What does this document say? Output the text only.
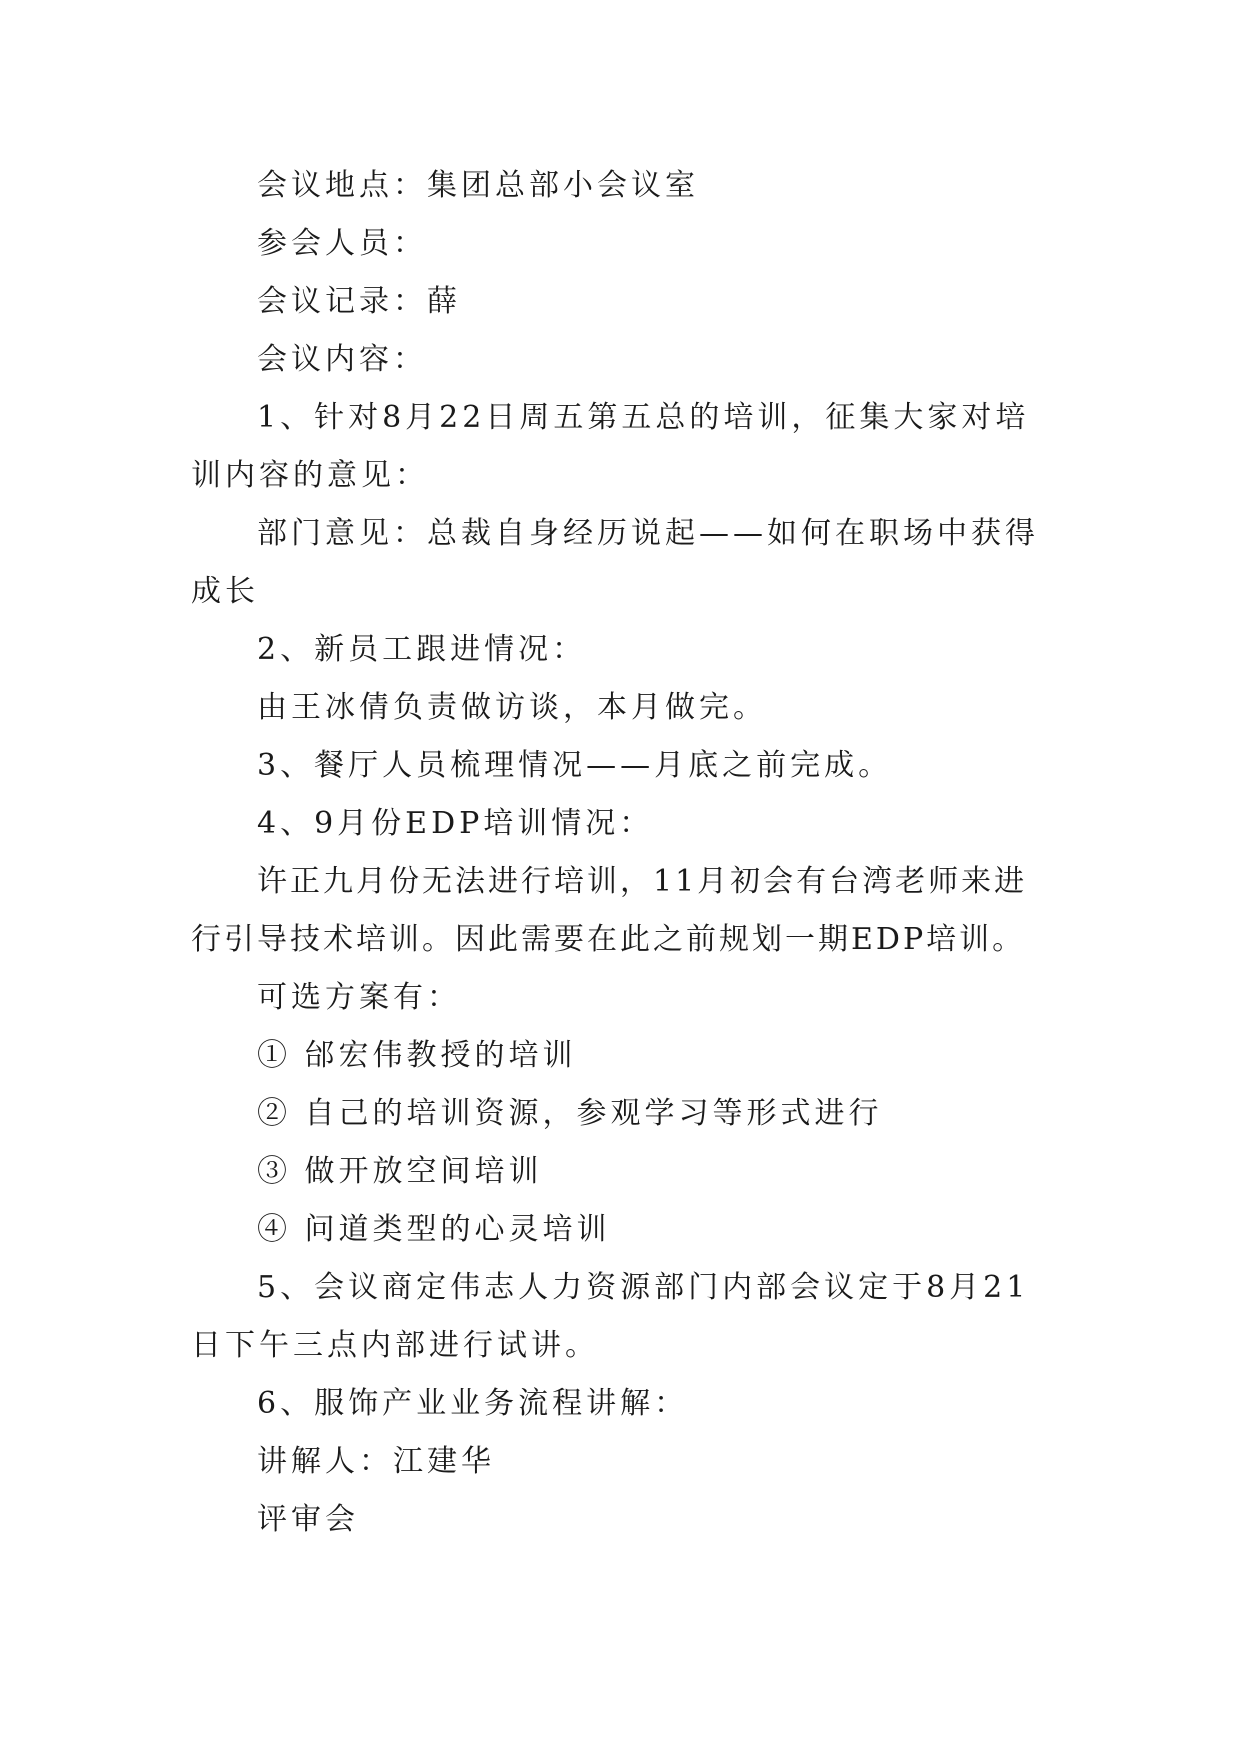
会议地点：集团总部小会议室

参会人员：

会议记录：薛

会议内容：

1、针对8月22日周五第五总的培训，征集大家对培训内容的意见：

部门意见：总裁自身经历说起——如何在职场中获得成长

2、新员工跟进情况：

由王冰倩负责做访谈，本月做完。

3、餐厅人员梳理情况——月底之前完成。

4、9月份EDP培训情况：

许正九月份无法进行培训，11月初会有台湾老师来进行引导技术培训。因此需要在此之前规划一期EDP培训。

可选方案有：

① 邰宏伟教授的培训

② 自己的培训资源，参观学习等形式进行

③ 做开放空间培训

④ 问道类型的心灵培训

5、会议商定伟志人力资源部门内部会议定于8月21日下午三点内部进行试讲。

6、服饰产业业务流程讲解：

讲解人：江建华

评审会
